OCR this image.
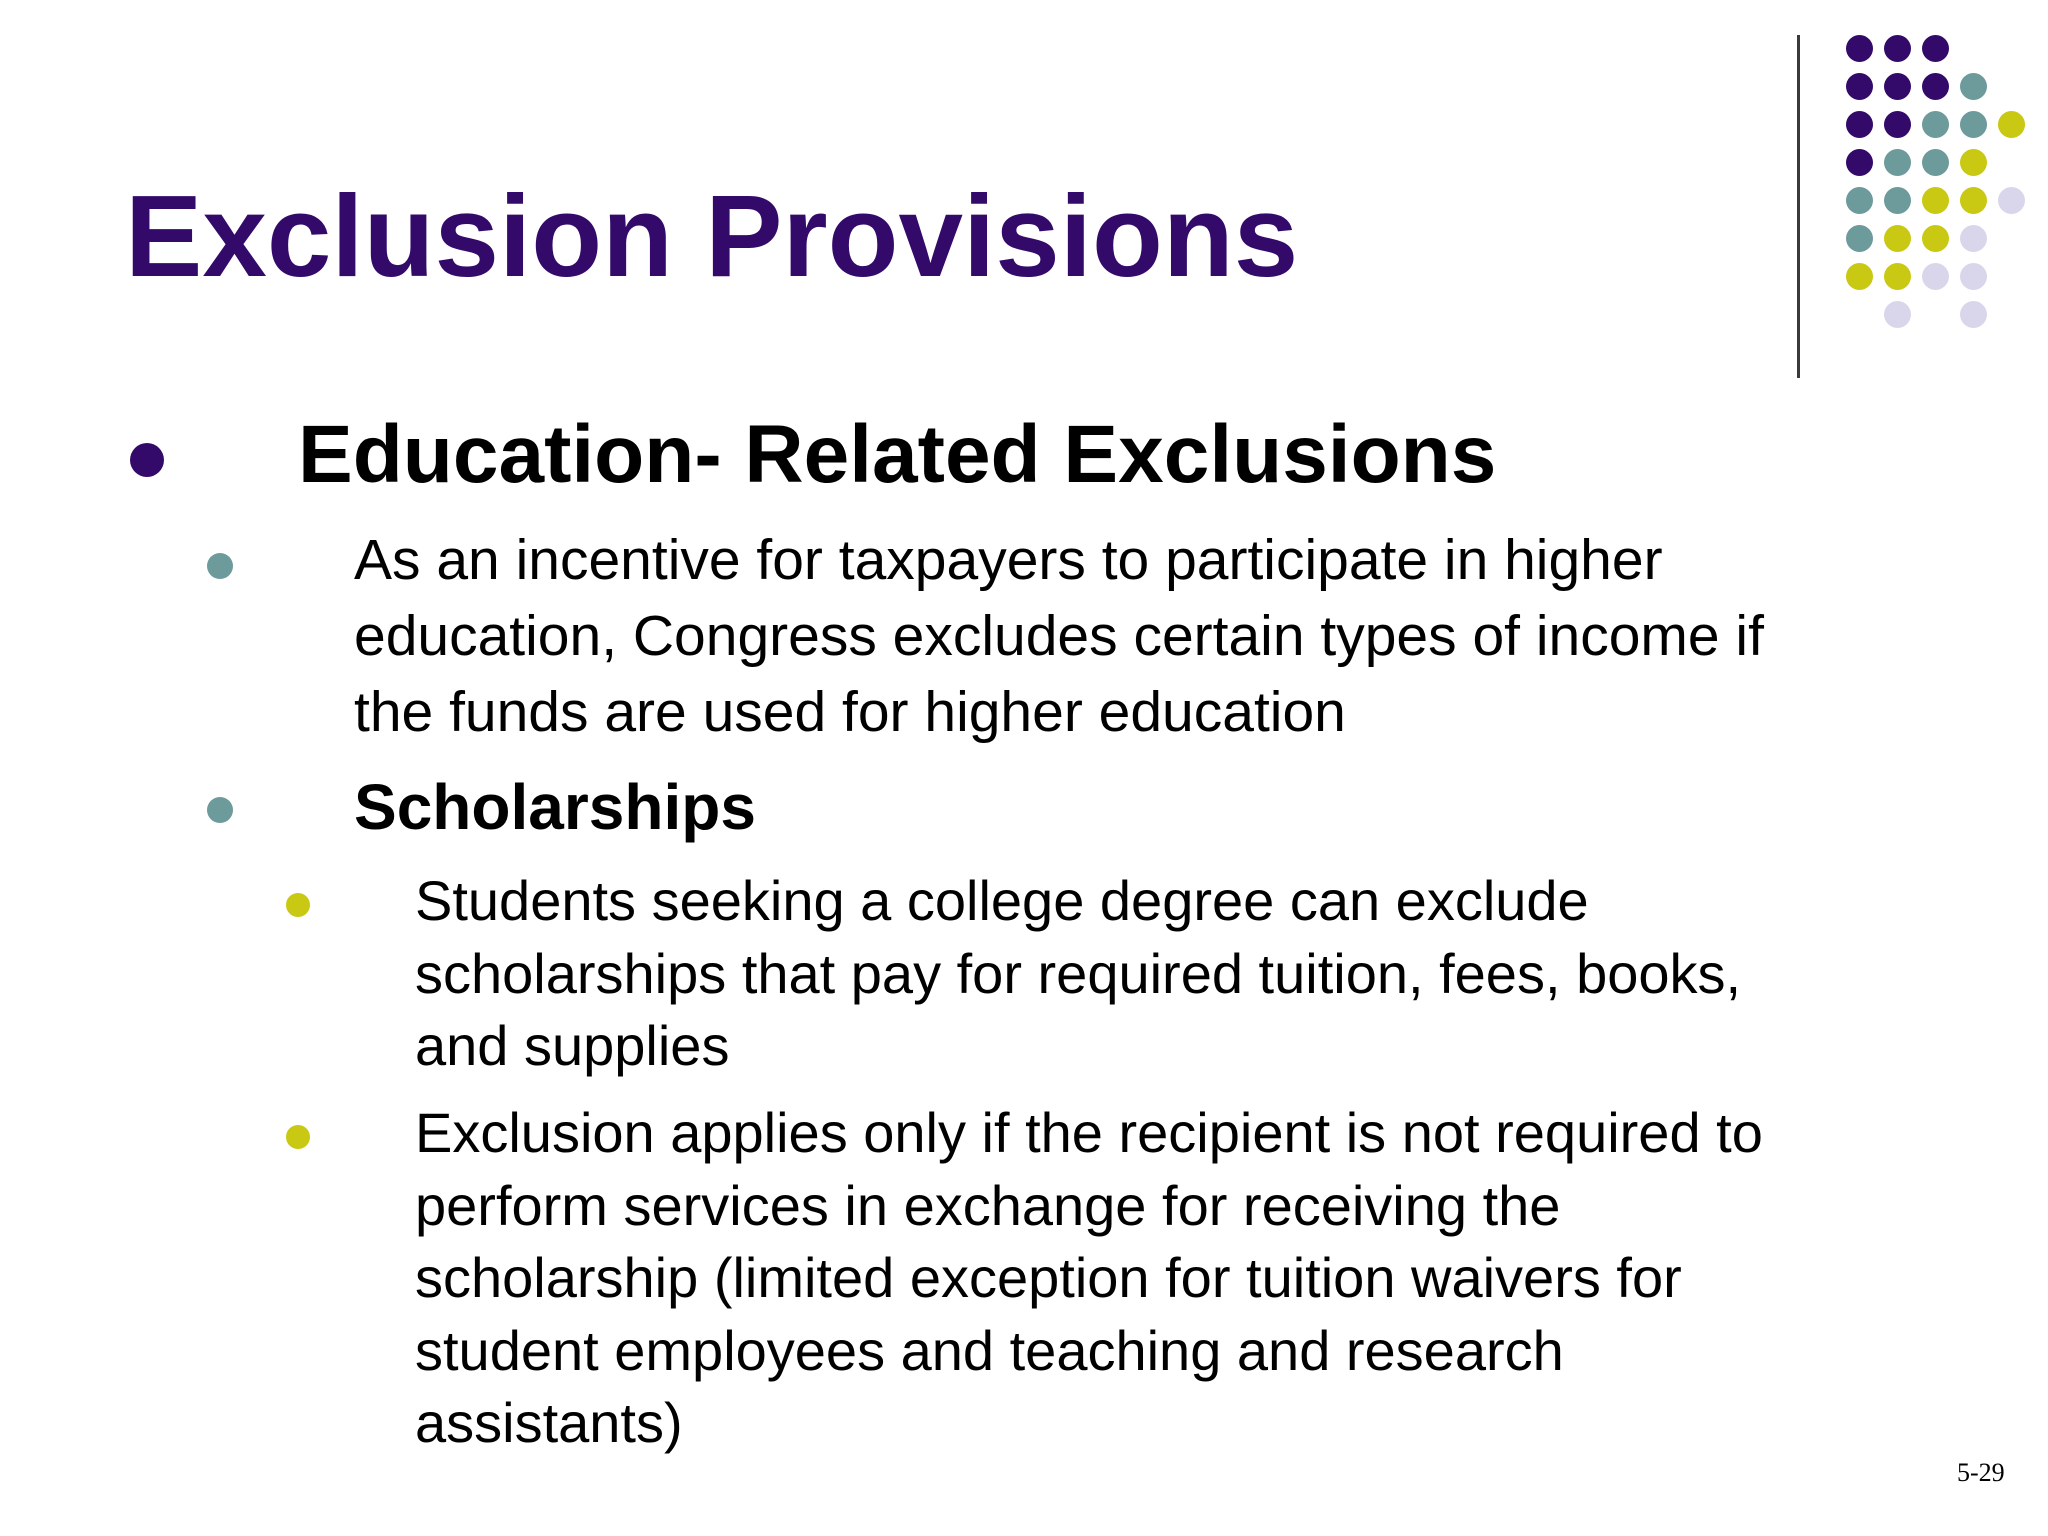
Exclusion Provisions
Education- Related Exclusions
As an incentive for taxpayers to participate in higher
education, Congress excludes certain types of income if
the funds are used for higher education
Scholarships
Students seeking a college degree can exclude
scholarships that pay for required tuition, fees, books,
and supplies
Exclusion applies only if the recipient is not required to
perform services in exchange for receiving the
scholarship (limited exception for tuition waivers for
student employees and teaching and research
assistants)
5-29
